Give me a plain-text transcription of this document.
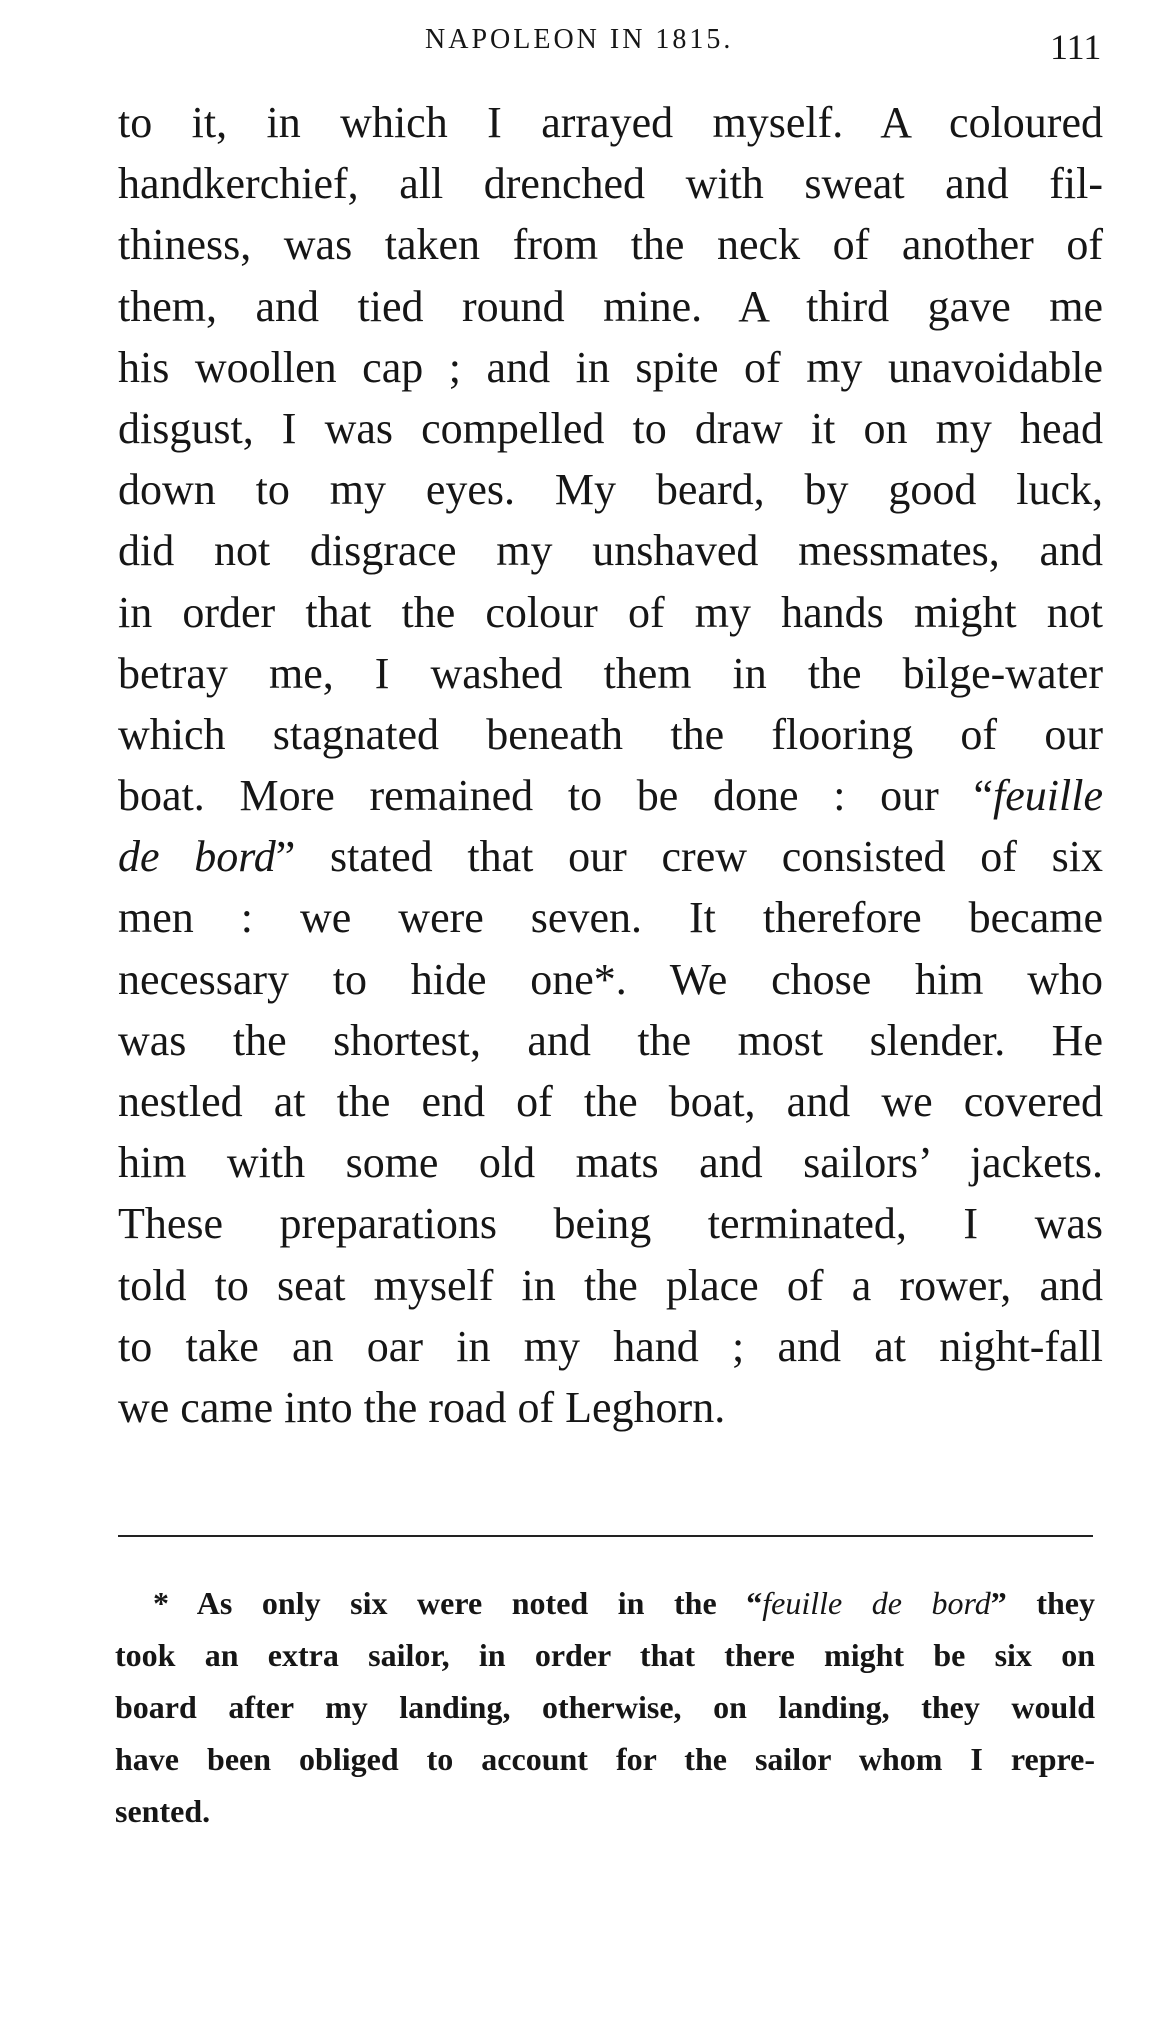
NAPOLEON IN 1815.	111
to it, in which I arrayed myself. A coloured
handkerchief, all drenched with sweat and fil-
thiness, was taken from the neck of another of
them, and tied round mine. A third gave me
his woollen cap ; and in spite of my unavoidable
disgust, I was compelled to draw it on my head
down to my eyes. My beard, by good luck,
did not disgrace my unshaved messmates, and
in order that the colour of my hands might not
betray me, I washed them in the bilge-water
which stagnated beneath the flooring of our
boat. More remained to be done : our “feuille
de bord” stated that our crew consisted of six
men : we were seven. It therefore became
necessary to hide one*. We chose him who
was the shortest, and the most slender. He
nestled at the end of the boat, and we covered
him with some old mats and sailors’ jackets.
These preparations being terminated, I was
told to seat myself in the place of a rower, and
to take an oar in my hand ; and at night-fall
we came into the road of Leghorn.
* As only six were noted in the “feuille de bord” they
took an extra sailor, in order that there might be six on
board after my landing, otherwise, on landing, they would
have been obliged to account for the sailor whom I repre-
sented.
